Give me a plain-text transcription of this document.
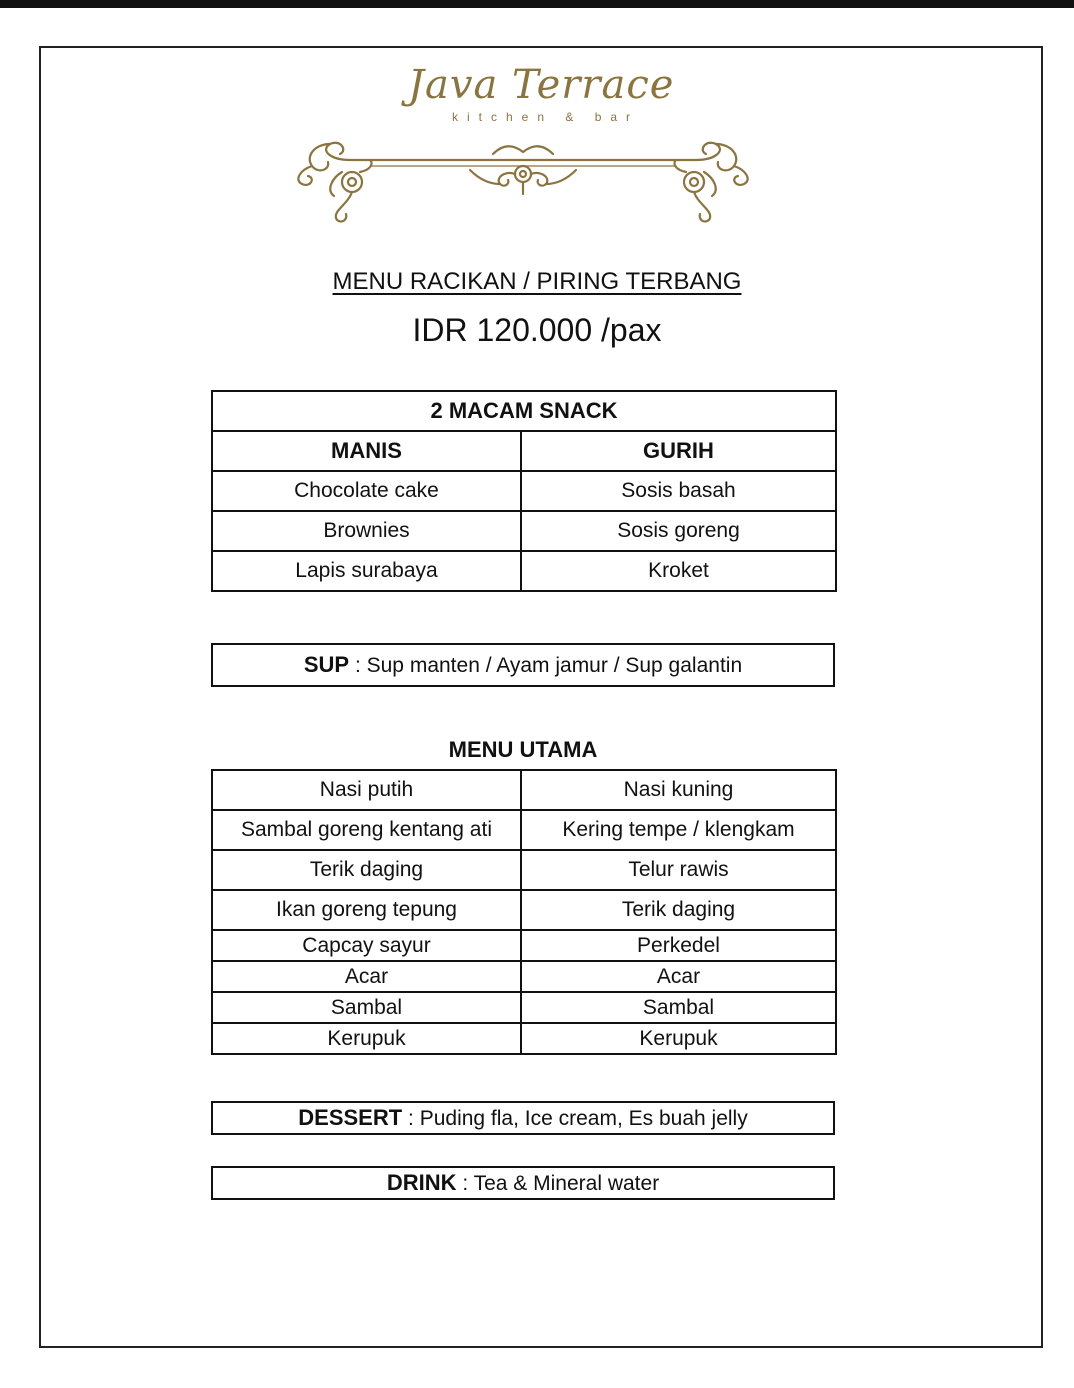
Java Terrace
kitchen & bar
MENU RACIKAN / PIRING TERBANG
IDR 120.000 /pax
2 MACAM SNACK	
MANIS	GURIH
Chocolate cake	Sosis basah
Brownies	Sosis goreng
Lapis surabaya	Kroket
SUP : Sup manten / Ayam jamur / Sup galantin
MENU UTAMA
Nasi putih	Nasi kuning
Sambal goreng kentang ati	Kering tempe / klengkam
Terik daging	Telur rawis
Ikan goreng tepung	Terik daging
Capcay sayur	Perkedel
Acar	Acar
Sambal	Sambal
Kerupuk	Kerupuk
DESSERT : Puding fla, Ice cream, Es buah jelly
DRINK : Tea & Mineral water
